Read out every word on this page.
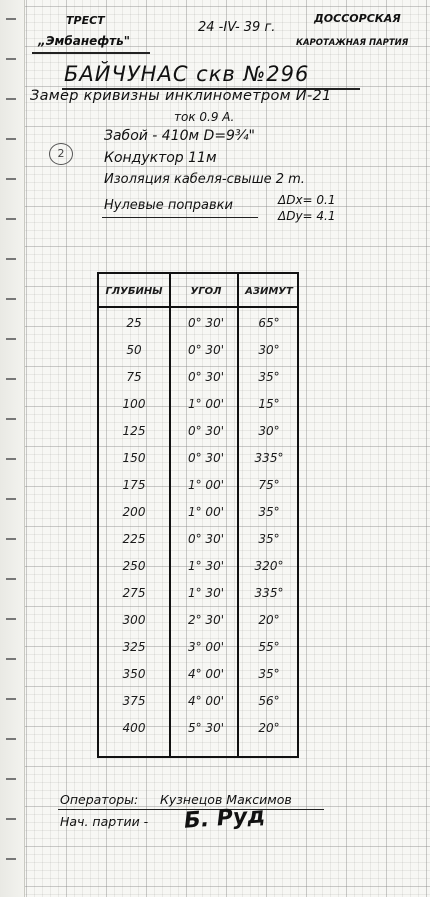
ТРЕСТ
„Эмбанефть"
24 -IV- 39 г.
ДОССОРСКАЯ
КАРОТАЖНАЯ ПАРТИЯ
БАЙЧУНАС скв №296
Замер кривизны инклинометром И-21
ток 0.9 А.
2
Забой - 410м D=9¾"
Кондуктор 11м
Изоляция кабеля-свыше 2 m.
Нулевые поправки	ΔDx= 0.1
ΔDy= 4.1
ГЛУБИНЫ	УГОЛ	АЗИМУТ
25	0° 30'	65°
50	0° 30'	30°
75	0° 30'	35°
100	1° 00'	15°
125	0° 30'	30°
150	0° 30'	335°
175	1° 00'	75°
200	1° 00'	35°
225	0° 30'	35°
250	1° 30'	320°
275	1° 30'	335°
300	2° 30'	20°
325	3° 00'	55°
350	4° 00'	35°
375	4° 00'	56°
400	5° 30'	20°
Операторы: Кузнецов Максимов
Нач. партии - Б. Руд
